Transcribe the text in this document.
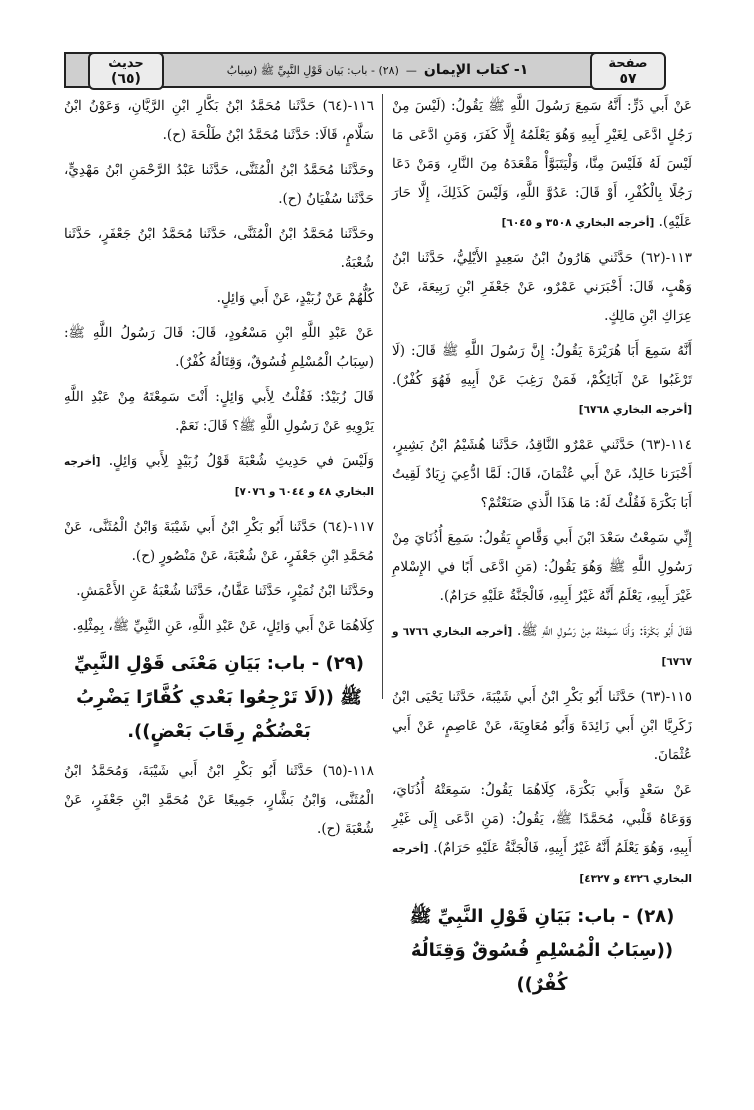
حديث
(٦٥)
١- كتاب الإيمان  —  (٢٨) - باب: بَيان قَوْلِ النَّبِيِّ ﷺ (سِبابُ	صفحة
٥٧

عَنْ أَبي ذَرٍّ: أَنَّهُ سَمِعَ رَسُولَ اللَّهِ ﷺ يَقُولُ: (لَيْسَ مِنْ رَجُلٍ ادَّعَى لِغَيْرِ أَبِيهِ وَهُوَ يَعْلَمُهُ إِلَّا كَفَرَ، وَمَنِ ادَّعَى مَا لَيْسَ لَهُ فَلَيْسَ مِنَّا، وَلْيَتَبَوَّأْ مَقْعَدَهُ مِنَ النَّارِ، وَمَنْ دَعَا رَجُلًا بِالْكُفْرِ، أَوْ قَالَ: عَدُوَّ اللَّهِ، وَلَيْسَ كَذَلِكَ، إِلَّا حَارَ عَلَيْهِ). [أخرجه البخاري ٣٥٠٨ و ٦٠٤٥]

١١٣-(٦٢) حَدَّثَني هَارُونُ ابْنُ سَعِيدٍ الأَيْلِيُّ، حَدَّثَنا ابْنُ وَهْبٍ، قَالَ: أَخْبَرَني عَمْرٌو، عَنْ جَعْفَرِ ابْنِ رَبِيعَةَ، عَنْ عِرَاكِ ابْنِ مَالِكٍ.

أَنَّهُ سَمِعَ أَبَا هُرَيْرَةَ يَقُولُ: إِنَّ رَسُولَ اللَّهِ ﷺ قَالَ: (لَا تَرْغَبُوا عَنْ آبَائِكُمْ، فَمَنْ رَغِبَ عَنْ أَبِيهِ فَهُوَ كُفْرٌ). [أخرجه البخاري ٦٧٦٨]

١١٤-(٦٣) حَدَّثَني عَمْرٌو النَّاقِدُ، حَدَّثَنا هُشَيْمُ ابْنُ بَشِيرٍ، أَخْبَرَنا خَالِدٌ، عَنْ أَبي عُثْمَانَ، قَالَ: لَمَّا ادُّعِيَ زِيَادٌ لَقِيتُ أَبَا بَكْرَةَ فَقُلْتُ لَهُ: مَا هَذَا الَّذي صَنَعْتُمْ؟

إِنِّي سَمِعْتُ سَعْدَ ابْنَ أَبي وَقَّاصٍ يَقُولُ: سَمِعَ أُذُنَايَ مِنْ رَسُولِ اللَّهِ ﷺ وَهُوَ يَقُولُ: (مَنِ ادَّعَى أَبًا في الإِسْلامِ غَيْرَ أَبِيهِ، يَعْلَمُ أَنَّهُ غَيْرُ أَبِيهِ، فَالْجَنَّةُ عَلَيْهِ حَرَامٌ).

فَقَالَ أَبُو بَكْرَةَ: وَأَنَا سَمِعْتُهُ مِنْ رَسُولِ اللَّهِ ﷺ. [أخرجه البخاري ٦٧٦٦ و ٦٧٦٧]

١١٥-(٦٣) حَدَّثَنا أَبُو بَكْرِ ابْنُ أَبي شَيْبَةَ، حَدَّثَنا يَحْيَى ابْنُ زَكَرِيَّا ابْنِ أَبي زَائِدَةَ وَأَبُو مُعَاوِيَةَ، عَنْ عَاصِمٍ، عَنْ أَبي عُثْمَانَ.

عَنْ سَعْدٍ وَأَبي بَكْرَةَ، كِلَاهُمَا يَقُولُ: سَمِعَتْهُ أُذُنَايَ، وَوَعَاهُ قَلْبي، مُحَمَّدًا ﷺ، يَقُولُ: (مَنِ ادَّعَى إِلَى غَيْرِ أَبِيهِ، وَهُوَ يَعْلَمُ أَنَّهُ غَيْرُ أَبِيهِ، فَالْجَنَّةُ عَلَيْهِ حَرَامٌ). [أخرجه البخاري ٤٣٢٦ و ٤٣٢٧]

(٢٨) - باب: بَيَانِ قَوْلِ النَّبِيِّ ﷺ ((سِبَابُ الْمُسْلِمِ فُسُوقٌ وَقِتَالُهُ كُفْرٌ))

١١٦-(٦٤) حَدَّثَنا مُحَمَّدُ ابْنُ بَكَّارِ ابْنِ الرَّيَّانِ، وَعَوْنُ ابْنُ سَلَّامٍ، قَالَا: حَدَّثَنا مُحَمَّدُ ابْنُ طَلْحَةَ (ح).

وحَدَّثَنا مُحَمَّدُ ابْنُ الْمُثَنَّى، حَدَّثَنا عَبْدُ الرَّحْمَنِ ابْنُ مَهْدِيٍّ، حَدَّثَنا سُفْيَانُ (ح).

وحَدَّثَنا مُحَمَّدُ ابْنُ الْمُثَنَّى، حَدَّثَنا مُحَمَّدُ ابْنُ جَعْفَرٍ، حَدَّثَنا شُعْبَةُ.

كُلُّهُمْ عَنْ زُبَيْدٍ، عَنْ أَبي وَائِلٍ.

عَنْ عَبْدِ اللَّهِ ابْنِ مَسْعُودٍ، قَالَ: قَالَ رَسُولُ اللَّهِ ﷺ: (سِبَابُ الْمُسْلِمِ فُسُوقٌ، وَقِتَالُهُ كُفْرٌ).

قَالَ زُبَيْدٌ: فَقُلْتُ لِأَبي وَائِلٍ: أَنْتَ سَمِعْتَهُ مِنْ عَبْدِ اللَّهِ يَرْوِيهِ عَنْ رَسُولِ اللَّهِ ﷺ؟ قَالَ: نَعَمْ.

وَلَيْسَ في حَدِيثِ شُعْبَةَ قَوْلُ زُبَيْدٍ لِأَبي وَائِلٍ. [أخرجه البخاري ٤٨ و ٦٠٤٤ و ٧٠٧٦]

١١٧-(٦٤) حَدَّثَنا أَبُو بَكْرِ ابْنُ أَبي شَيْبَةَ وَابْنُ الْمُثَنَّى، عَنْ مُحَمَّدِ ابْنِ جَعْفَرٍ، عَنْ شُعْبَةَ، عَنْ مَنْصُورٍ (ح).

وحَدَّثَنا ابْنُ نُمَيْرٍ، حَدَّثَنا عَفَّانُ، حَدَّثَنا شُعْبَةُ عَنِ الأَعْمَشِ.

كِلَاهُمَا عَنْ أَبي وَائِلٍ، عَنْ عَبْدِ اللَّهِ، عَنِ النَّبِيِّ ﷺ، بِمِثْلِهِ.

(٢٩) - باب: بَيَانِ مَعْنَى قَوْلِ النَّبِيِّ ﷺ ((لَا تَرْجِعُوا بَعْدي كُفَّارًا يَضْرِبُ بَعْضُكُمْ رِقَابَ بَعْضٍ)).

١١٨-(٦٥) حَدَّثَنا أَبُو بَكْرِ ابْنُ أَبي شَيْبَةَ، وَمُحَمَّدُ ابْنُ الْمُثَنَّى، وَابْنُ بَشَّارٍ، جَمِيعًا عَنْ مُحَمَّدِ ابْنِ جَعْفَرٍ، عَنْ شُعْبَةَ (ح).
